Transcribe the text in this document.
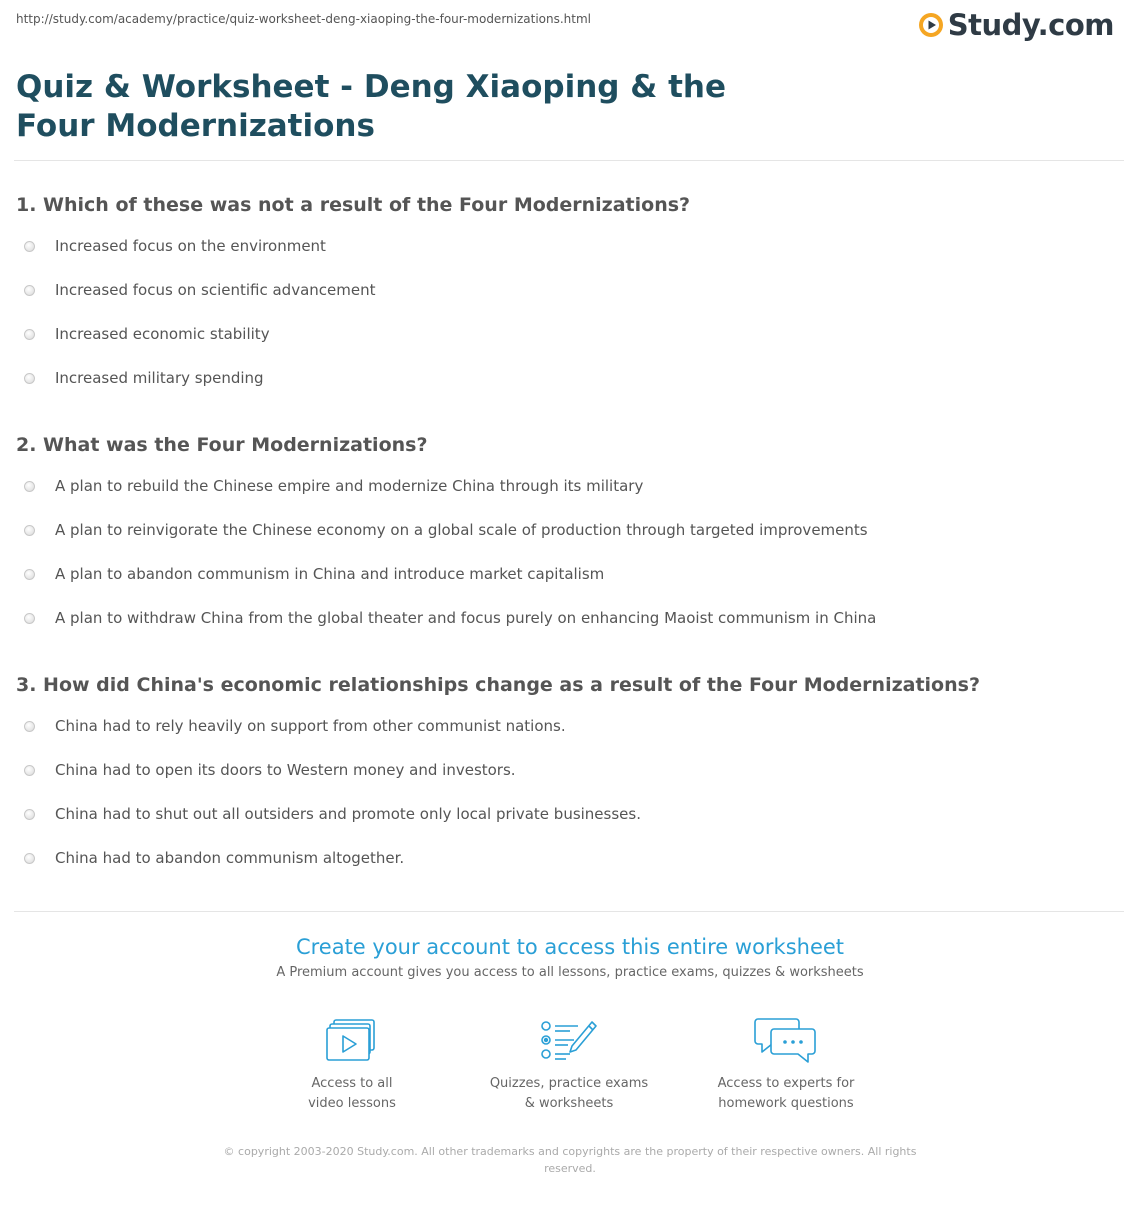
http://study.com/academy/practice/quiz-worksheet-deng-xiaoping-the-four-modernizations.html	Study.com
Quiz & Worksheet - Deng Xiaoping & the Four Modernizations
1. Which of these was not a result of the Four Modernizations?
Increased focus on the environment
Increased focus on scientific advancement
Increased economic stability
Increased military spending
2. What was the Four Modernizations?
A plan to rebuild the Chinese empire and modernize China through its military
A plan to reinvigorate the Chinese economy on a global scale of production through targeted improvements
A plan to abandon communism in China and introduce market capitalism
A plan to withdraw China from the global theater and focus purely on enhancing Maoist communism in China
3. How did China's economic relationships change as a result of the Four Modernizations?
China had to rely heavily on support from other communist nations.
China had to open its doors to Western money and investors.
China had to shut out all outsiders and promote only local private businesses.
China had to abandon communism altogether.
Create your account to access this entire worksheet
A Premium account gives you access to all lessons, practice exams, quizzes & worksheets
Access to all
video lessons
Quizzes, practice exams
& worksheets
Access to experts for
homework questions
© copyright 2003-2020 Study.com. All other trademarks and copyrights are the property of their respective owners. All rights reserved.
